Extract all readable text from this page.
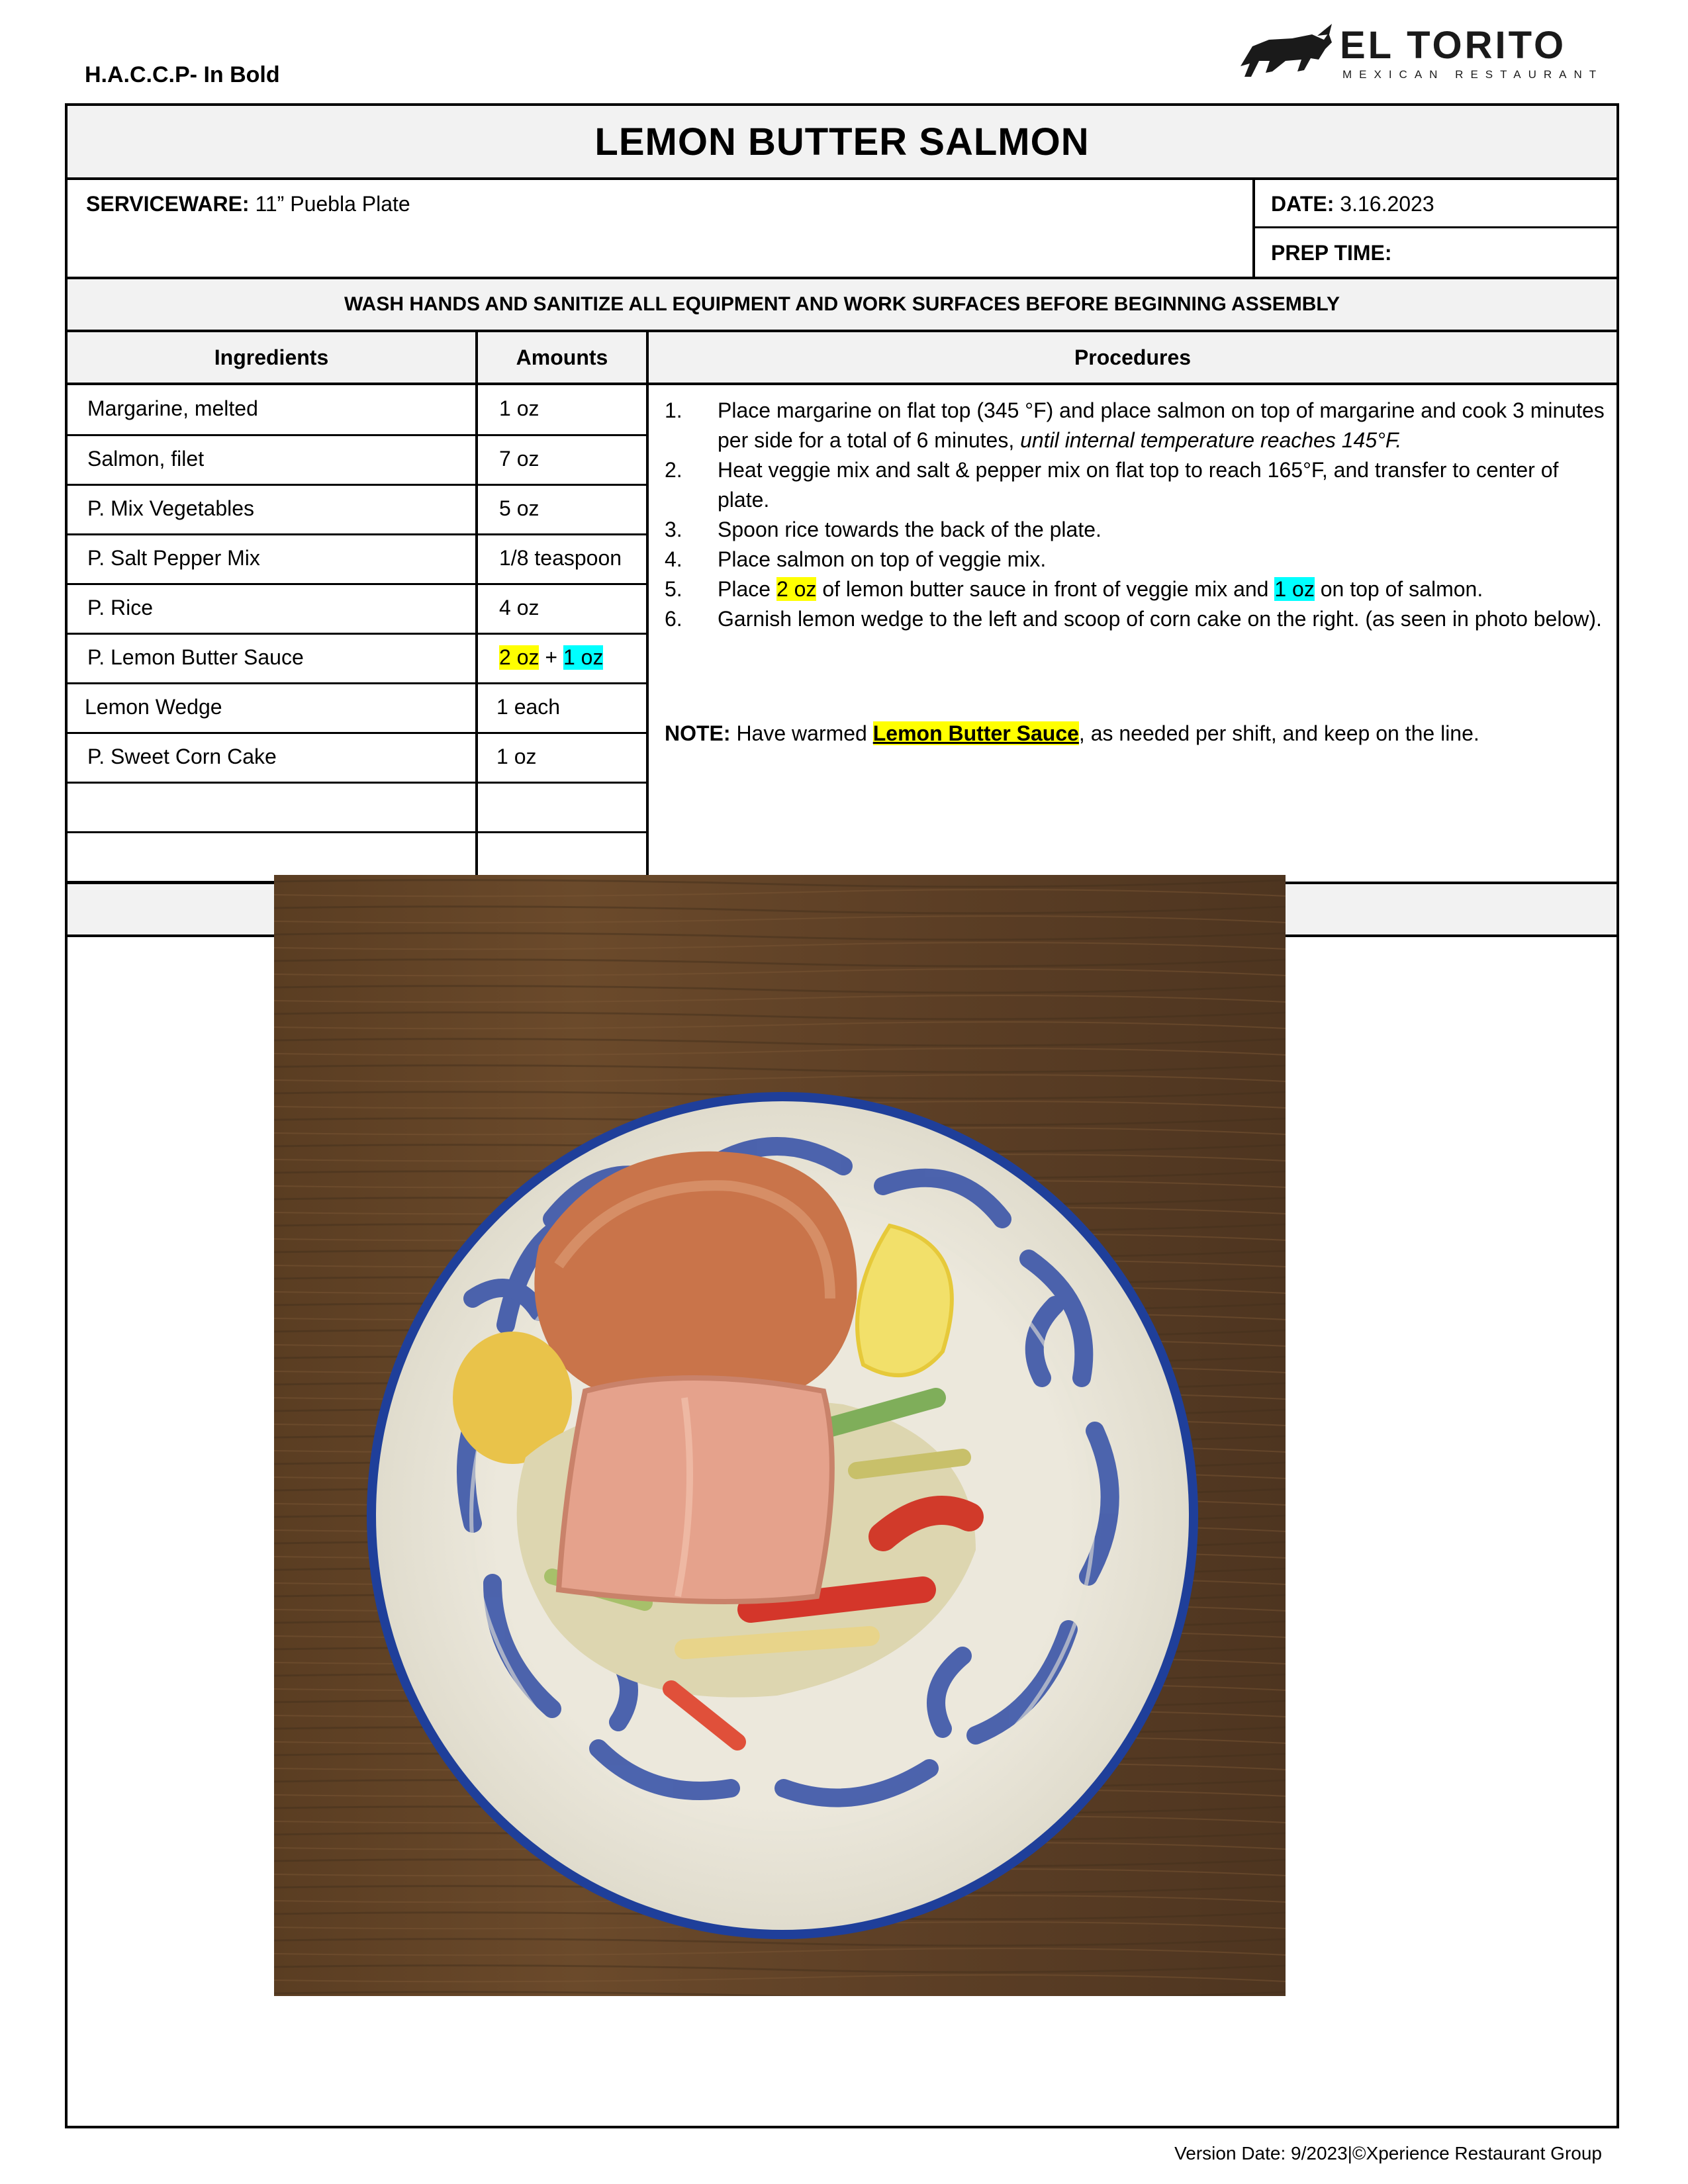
H.A.C.C.P- In Bold
EL TORITO
MEXICAN RESTAURANT
LEMON BUTTER SALMON
SERVICEWARE: 11” Puebla Plate	DATE: 3.16.2023
PREP TIME:
WASH HANDS AND SANITIZE ALL EQUIPMENT AND WORK SURFACES BEFORE BEGINNING ASSEMBLY
Ingredients	Amounts	Procedures
Margarine, melted	1 oz
Salmon, filet	7 oz
P. Mix Vegetables	5 oz
P. Salt Pepper Mix	1/8 teaspoon
P. Rice	4 oz
P. Lemon Butter Sauce	2 oz + 1 oz
Lemon Wedge	1 each
P. Sweet Corn Cake	1 oz
1.	Place margarine on flat top (345 °F) and place salmon on top of margarine and cook 3 minutes per side for a total of 6 minutes, until internal temperature reaches 145°F.
2.	Heat veggie mix and salt & pepper mix on flat top to reach 165°F, and transfer to center of plate.
3.	Spoon rice towards the back of the plate.
4.	Place salmon on top of veggie mix.
5.	Place 2 oz of lemon butter sauce in front of veggie mix and 1 oz on top of salmon.
6.	Garnish lemon wedge to the left and scoop of corn cake on the right. (as seen in photo below).
NOTE: Have warmed Lemon Butter Sauce, as needed per shift, and keep on the line.
Version Date: 9/2023|©Xperience Restaurant Group
